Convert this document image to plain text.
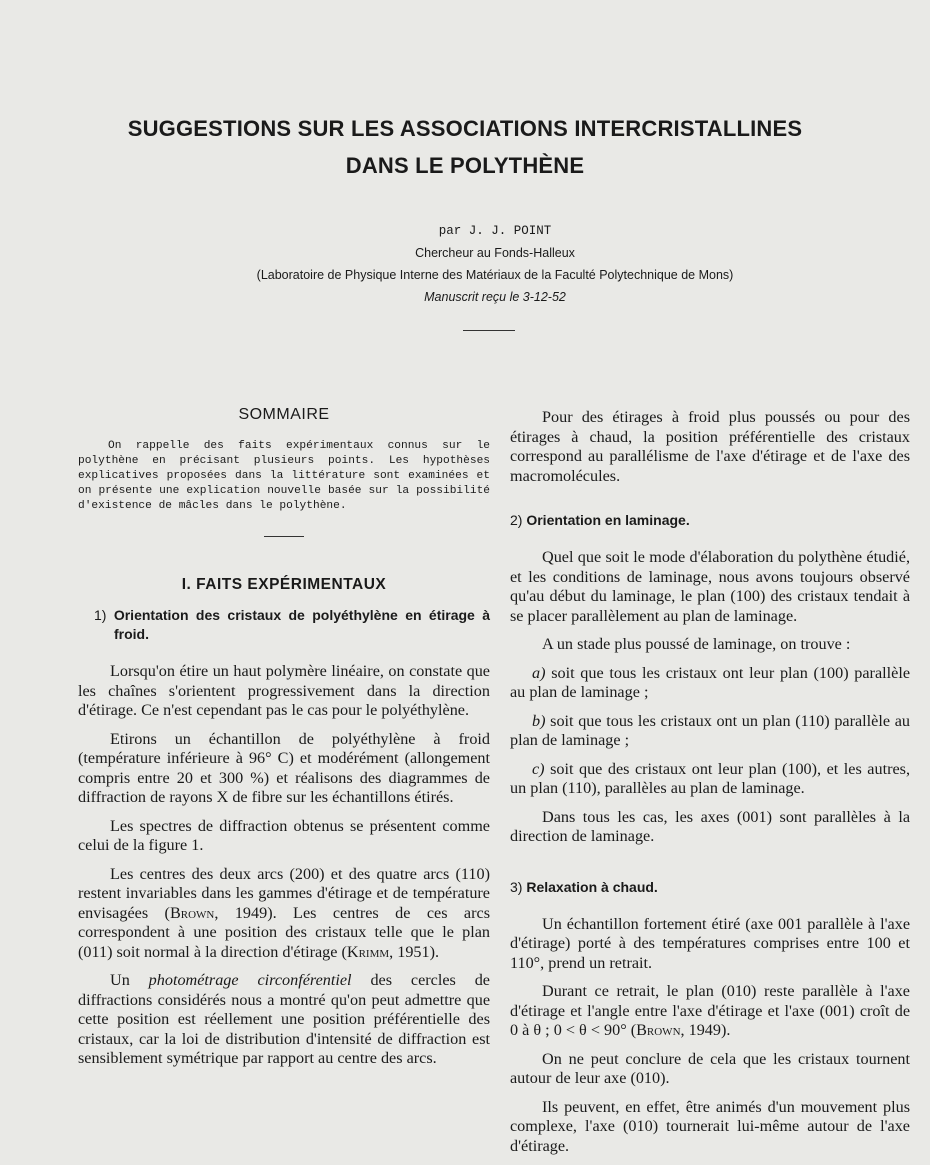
SUGGESTIONS SUR LES ASSOCIATIONS INTERCRISTALLINES
DANS LE POLYTHÈNE
par J. J. POINT
Chercheur au Fonds-Halleux
(Laboratoire de Physique Interne des Matériaux de la Faculté Polytechnique de Mons)
Manuscrit reçu le 3-12-52
SOMMAIRE

On rappelle des faits expérimentaux connus sur le polythène en précisant plusieurs points. Les hypothèses explicatives proposées dans la littérature sont examinées et on présente une explication nouvelle basée sur la possibilité d'existence de mâcles dans le polythène.

I. FAITS EXPÉRIMENTAUX
1) Orientation des cristaux de polyéthylène en étirage à froid.

Lorsqu'on étire un haut polymère linéaire, on constate que les chaînes s'orientent progressivement dans la direction d'étirage. Ce n'est cependant pas le cas pour le polyéthylène.

Etirons un échantillon de polyéthylène à froid (température inférieure à 96° C) et modérément (allongement compris entre 20 et 300 %) et réalisons des diagrammes de diffraction de rayons X de fibre sur les échantillons étirés.

Les spectres de diffraction obtenus se présentent comme celui de la figure 1.

Les centres des deux arcs (200) et des quatre arcs (110) restent invariables dans les gammes d'étirage et de température envisagées (Brown, 1949). Les centres de ces arcs correspondent à une position des cristaux telle que le plan (011) soit normal à la direction d'étirage (Krimm, 1951).

Un photométrage circonférentiel des cercles de diffractions considérés nous a montré qu'on peut admettre que cette position est réellement une position préférentielle des cristaux, car la loi de distribution d'intensité de diffraction est sensiblement symétrique par rapport au centre des arcs.

Pour des étirages à froid plus poussés ou pour des étirages à chaud, la position préférentielle des cristaux correspond au parallélisme de l'axe d'étirage et de l'axe des macromolécules.

2) Orientation en laminage.

Quel que soit le mode d'élaboration du polythène étudié, et les conditions de laminage, nous avons toujours observé qu'au début du laminage, le plan (100) des cristaux tendait à se placer parallèlement au plan de laminage.

A un stade plus poussé de laminage, on trouve :

a) soit que tous les cristaux ont leur plan (100) parallèle au plan de laminage ;

b) soit que tous les cristaux ont un plan (110) parallèle au plan de laminage ;

c) soit que des cristaux ont leur plan (100), et les autres, un plan (110), parallèles au plan de laminage.

Dans tous les cas, les axes (001) sont parallèles à la direction de laminage.

3) Relaxation à chaud.

Un échantillon fortement étiré (axe 001 parallèle à l'axe d'étirage) porté à des températures comprises entre 100 et 110°, prend un retrait.

Durant ce retrait, le plan (010) reste parallèle à l'axe d'étirage et l'angle entre l'axe d'étirage et l'axe (001) croît de 0 à θ ; 0 < θ < 90° (Brown, 1949).

On ne peut conclure de cela que les cristaux tournent autour de leur axe (010).

Ils peuvent, en effet, être animés d'un mouvement plus complexe, l'axe (010) tournerait lui-même autour de l'axe d'étirage.
